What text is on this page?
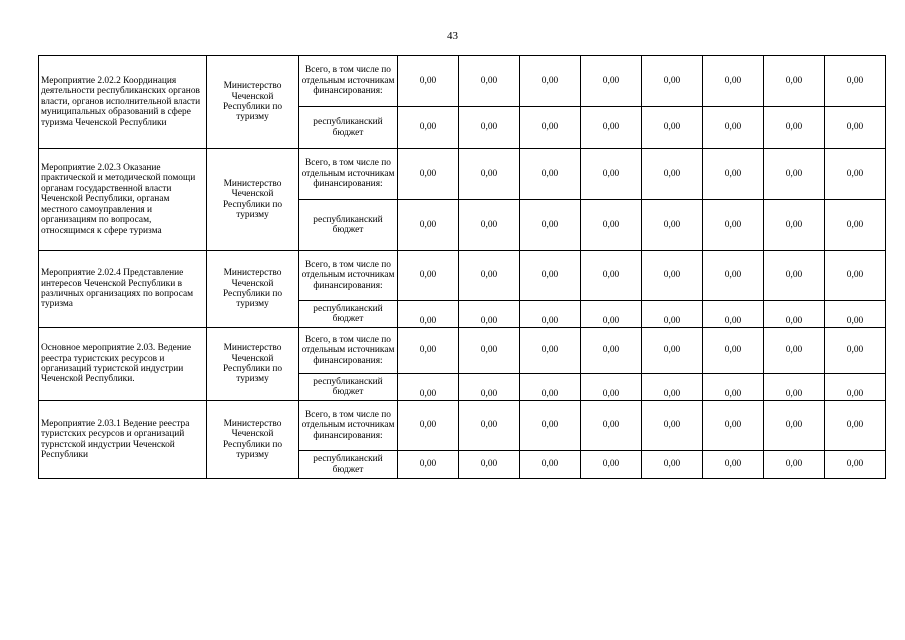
43
Мероприятие 2.02.2 Координация деятельности республиканских органов власти, органов исполнительной власти муниципальных образований в сфере туризма Чеченской Республики	Министерство Чеченской Республики по туризму	Всего, в том числе по отдельным источникам финансирования:	0,00	0,00	0,00	0,00	0,00	0,00	0,00	0,00
		республиканский бюджет	0,00	0,00	0,00	0,00	0,00	0,00	0,00	0,00
Мероприятие 2.02.3 Оказание практической и методической помощи органам государственной власти Чеченской Республики, органам местного самоуправления и организациям по вопросам, относящимся к сфере туризма	Министерство Чеченской Республики по туризму	Всего, в том числе по отдельным источникам финансирования:	0,00	0,00	0,00	0,00	0,00	0,00	0,00	0,00
		республиканский бюджет	0,00	0,00	0,00	0,00	0,00	0,00	0,00	0,00
Мероприятие 2.02.4 Представление интересов Чеченской Республики в различных организациях по вопросам туризма	Министерство Чеченской Республики по туризму	Всего, в том числе по отдельным источникам финансирования:	0,00	0,00	0,00	0,00	0,00	0,00	0,00	0,00
		республиканский бюджет	0,00	0,00	0,00	0,00	0,00	0,00	0,00	0,00
Основное мероприятие 2.03. Ведение реестра туристских ресурсов и организаций туристской индустрии Чеченской Республики.	Министерство Чеченской Республики по туризму	Всего, в том числе по отдельным источникам финансирования:	0,00	0,00	0,00	0,00	0,00	0,00	0,00	0,00
		республиканский бюджет	0,00	0,00	0,00	0,00	0,00	0,00	0,00	0,00
Мероприятие 2.03.1 Ведение реестра туристских ресурсов и организаций турнстской индустрии Чеченской Республики	Министерство Чеченской Республики по туризму	Всего, в том числе по отдельным источникам финансирования:	0,00	0,00	0,00	0,00	0,00	0,00	0,00	0,00
		республиканский бюджет	0,00	0,00	0,00	0,00	0,00	0,00	0,00	0,00
